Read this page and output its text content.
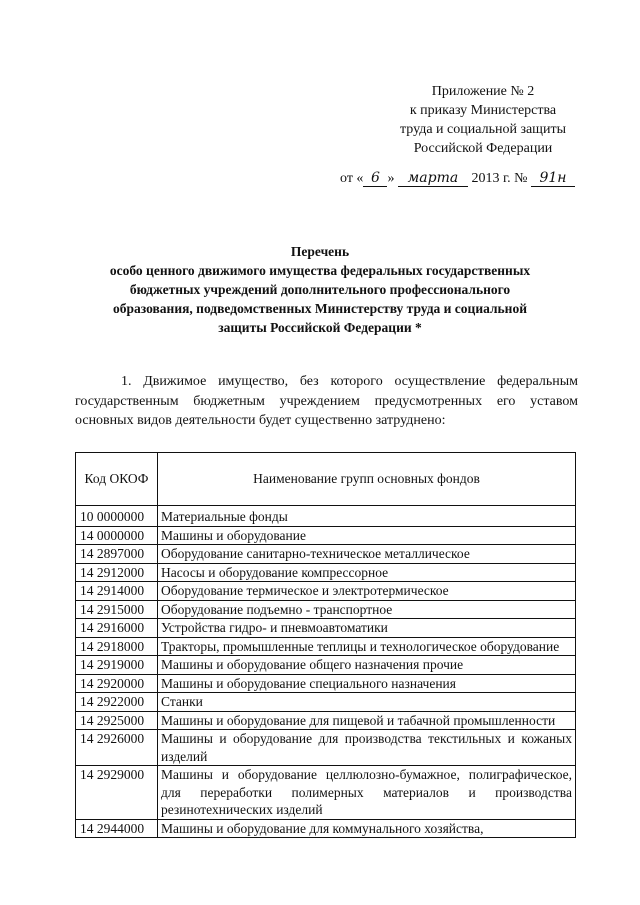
Приложение № 2
к приказу Министерства
труда и социальной защиты
Российской Федерации
от « 6 » марта 2013 г. № 91н
Перечень
особо ценного движимого имущества федеральных государственных
бюджетных учреждений дополнительного профессионального
образования, подведомственных Министерству труда и социальной
защиты Российской Федерации *
1. Движимое имущество, без которого осуществление федеральным
государственным бюджетным учреждением предусмотренных его уставом
основных видов деятельности будет существенно затруднено:
Код ОКОФ	Наименование групп основных фондов
10 0000000	Материальные фонды
14 0000000	Машины и оборудование
14 2897000	Оборудование санитарно-техническое металлическое
14 2912000	Насосы и оборудование компрессорное
14 2914000	Оборудование термическое и электротермическое
14 2915000	Оборудование подъемно - транспортное
14 2916000	Устройства гидро- и пневмоавтоматики
14 2918000	Тракторы, промышленные теплицы и технологическое оборудование
14 2919000	Машины и оборудование общего назначения прочие
14 2920000	Машины и оборудование специального назначения
14 2922000	Станки
14 2925000	Машины и оборудование для пищевой и табачной промышленности
14 2926000	Машины и оборудование для производства текстильных и кожаных изделий
14 2929000	Машины и оборудование целлюлозно-бумажное, полиграфическое, для переработки полимерных материалов и производства резинотехнических изделий
14 2944000	Машины и оборудование для коммунального хозяйства,
